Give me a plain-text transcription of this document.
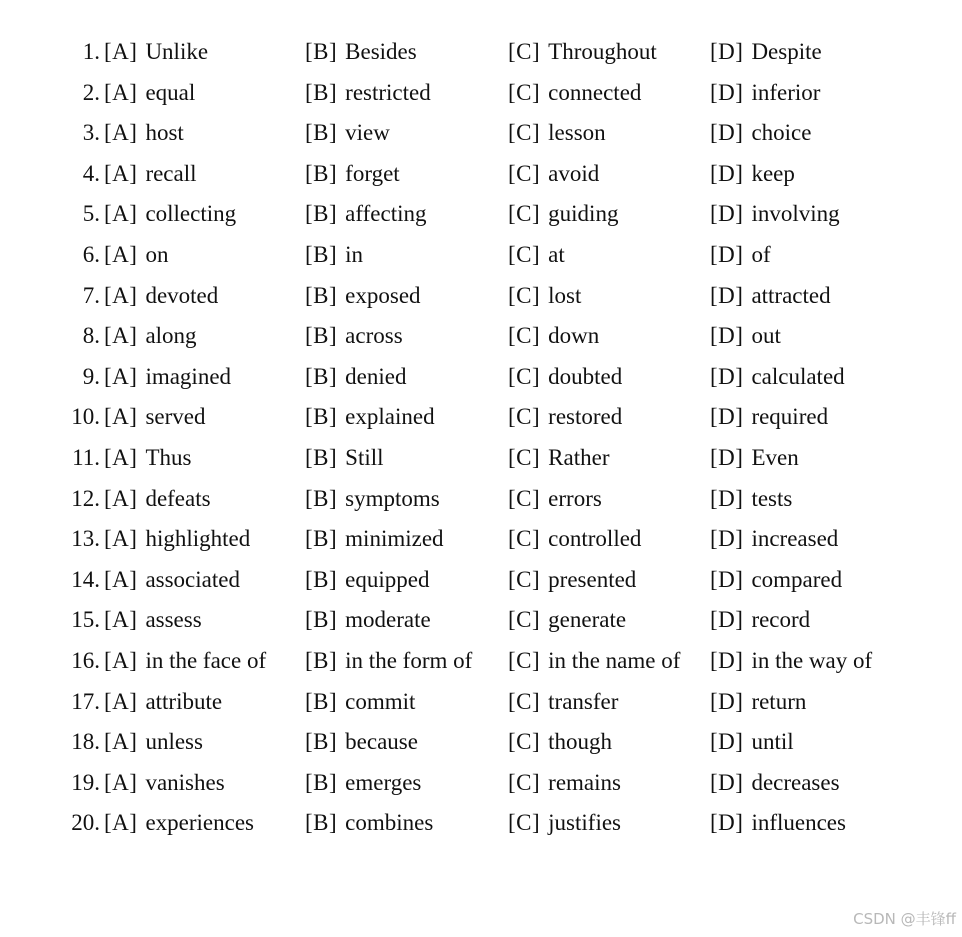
1. [A] Unlike	[B] Besides	[C] Throughout [D] Despite
2. [A] equal	[B] restricted	[C] connected	[D] inferior
3. [A] host	[B] view	[C] lesson	[D] choice
4. [A] recall	[B] forget	[C] avoid	[D] keep
5. [A] collecting	[B] affecting	[C] guiding	[D] involving
6. [A] on	[B] in	[C] at	[D] of
7. [A] devoted	[B] exposed	[C] lost	[D] attracted
8. [A] along	[B] across	[C] down	[D] out
9. [A] imagined	[B] denied	[C] doubted	[D] calculated
10. [A] served	[B] explained	[C] restored	[D] required
11. [A] Thus	[B] Still	[C] Rather	[D] Even
12. [A] defeats	[B] symptoms	[C] errors	[D] tests
13. [A] highlighted [B] minimized	[C] controlled	[D] increased
14. [A] associated	[B] equipped	[C] presented	[D] compared
15. [A] assess	[B] moderate	[C] generate	[D] record
16. [A] in the face of [B] in the form of [C] in the name of [D] in the way of
17. [A] attribute	[B] commit	[C] transfer	[D] return
18. [A] unless	[B] because	[C] though	[D] until
19. [A] vanishes	[B] emerges	[C] remains	[D] decreases
20. [A] experiences [B] combines	[C] justifies	[D] influences
CSDN @丰锋ff
